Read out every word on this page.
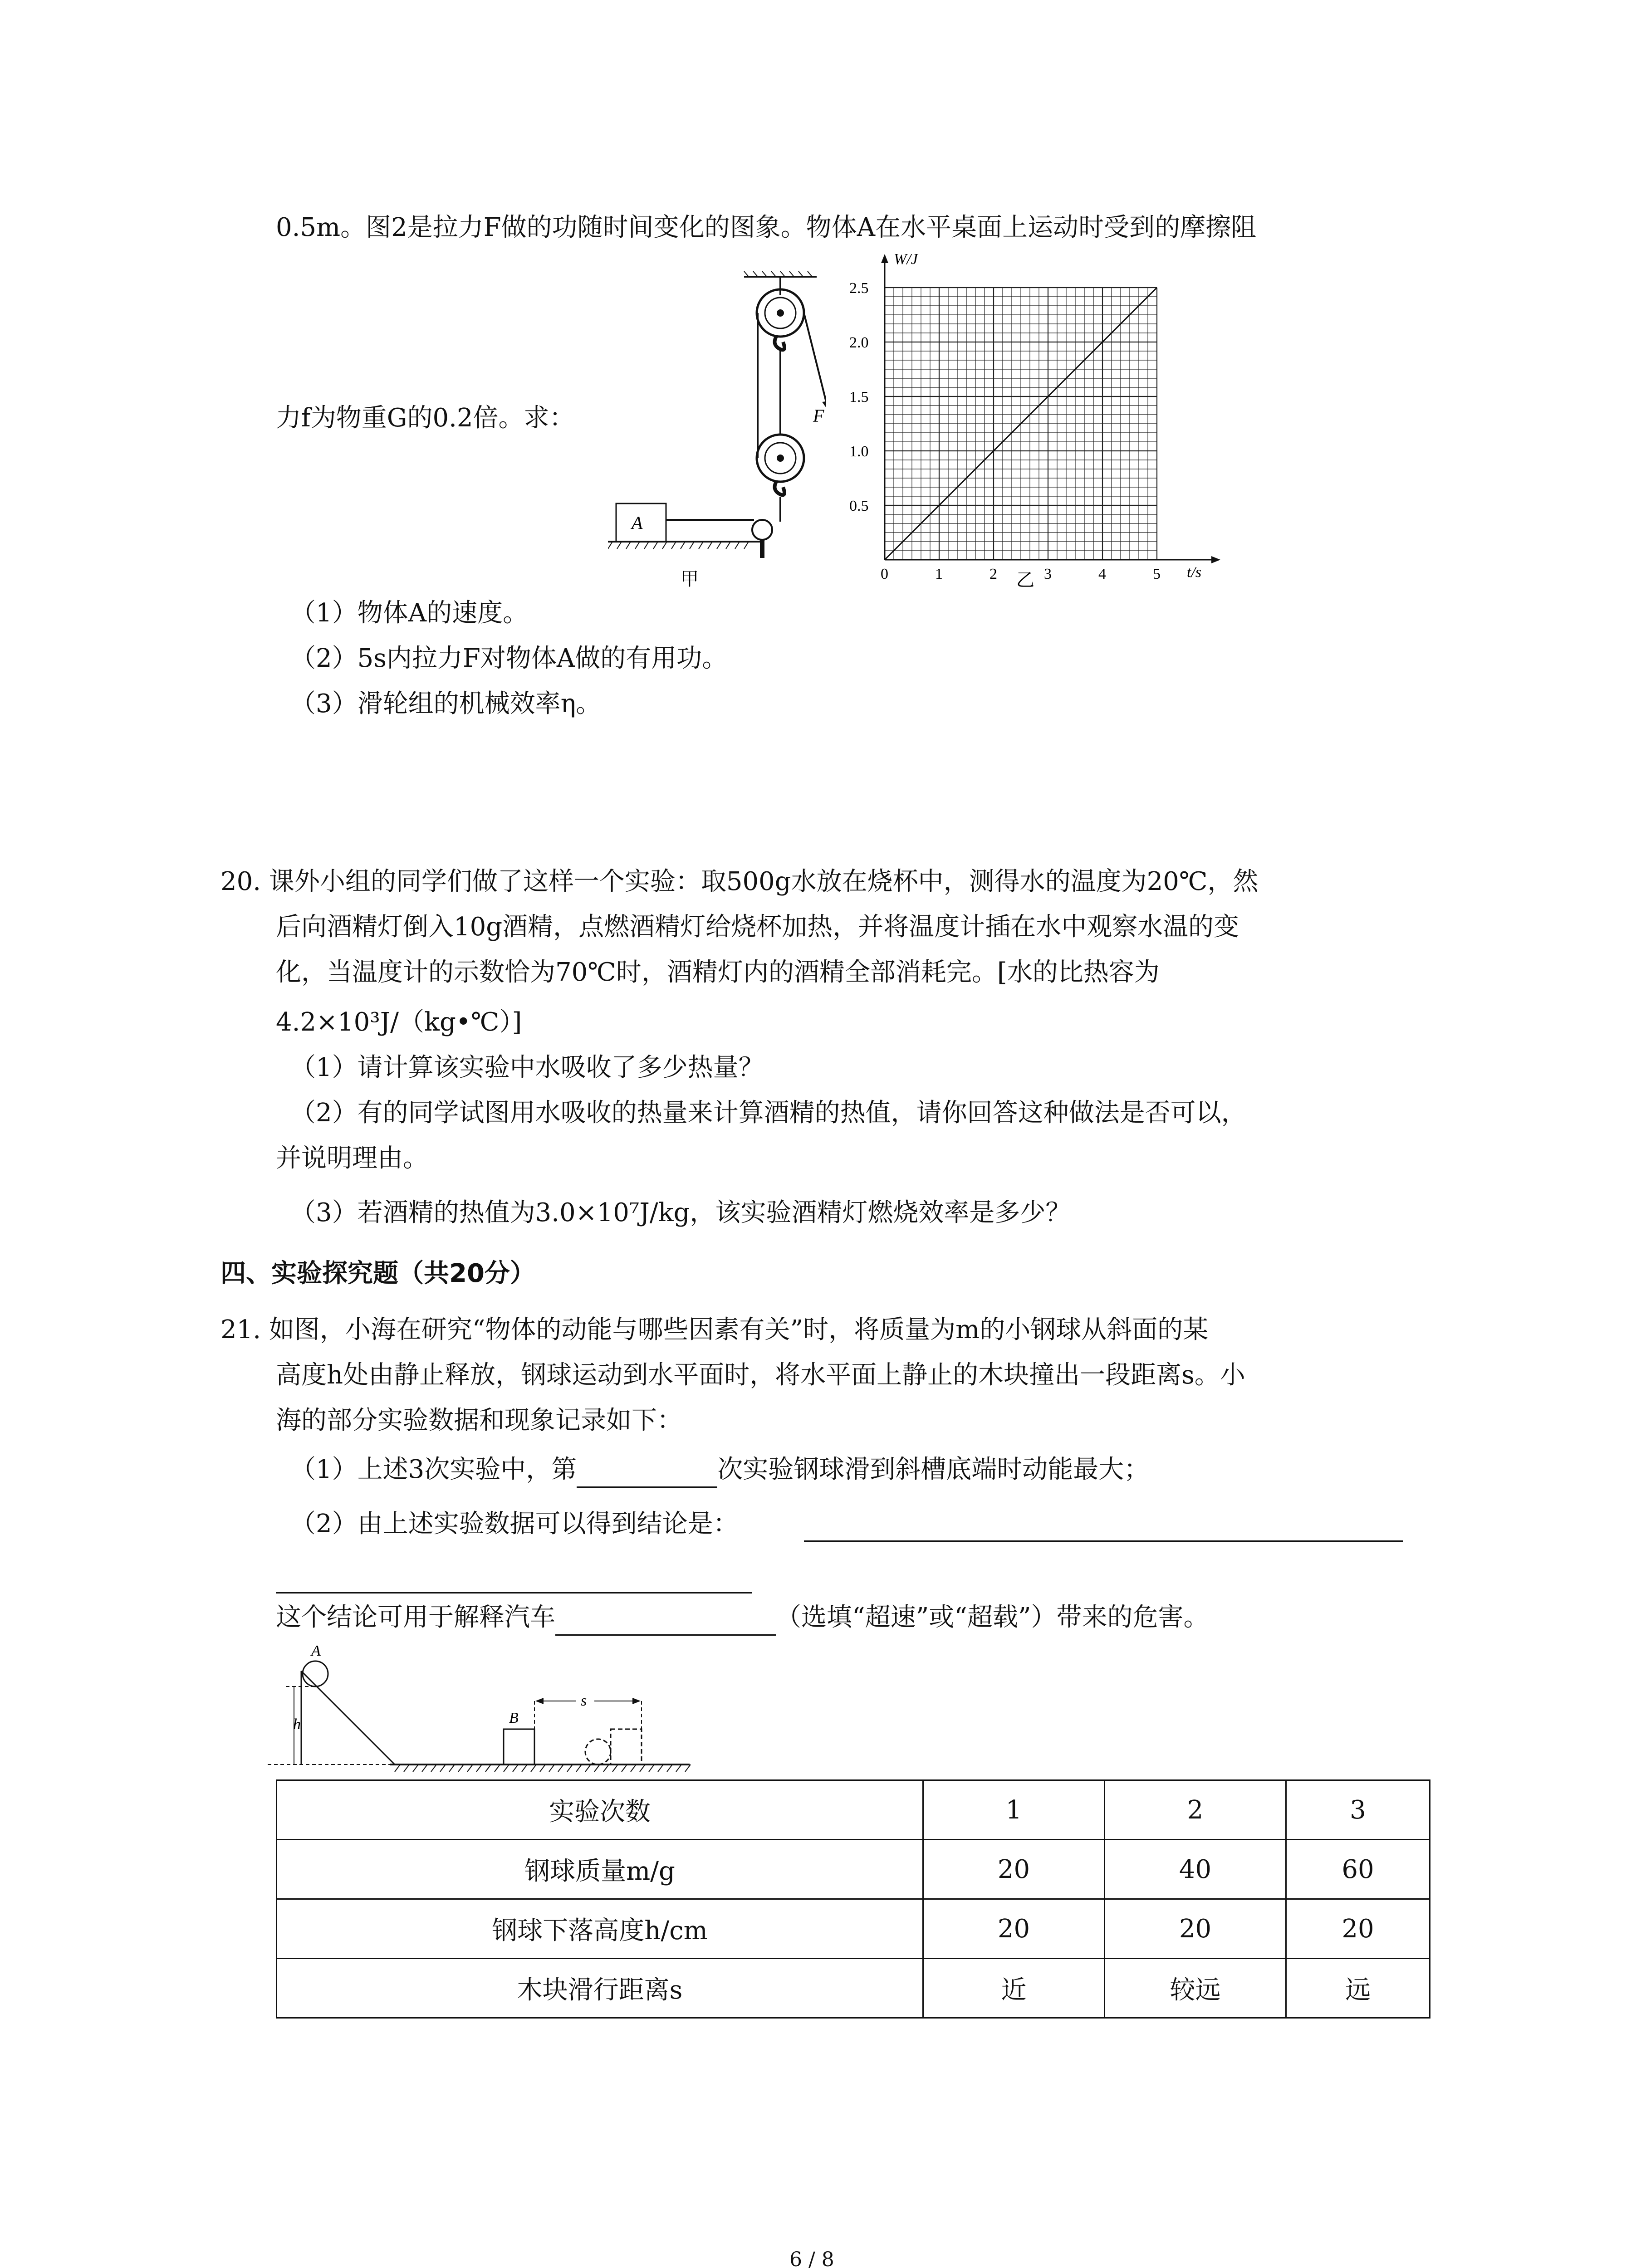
0.5m。图2是拉力F做的功随时间变化的图象。物体A在水平桌面上运动时受到的摩擦阻
力f为物重G的0.2倍。求：	F
A
甲	0	1	2	3	4	5
0.5
1.0
1.5
2.0
2.5
W/J
t/s
乙
（1）物体A的速度。
（2）5s内拉力F对物体A做的有用功。
（3）滑轮组的机械效率η。
20. 课外小组的同学们做了这样一个实验：取500g水放在烧杯中，测得水的温度为20℃，然
后向酒精灯倒入10g酒精，点燃酒精灯给烧杯加热，并将温度计插在水中观察水温的变
化，当温度计的示数恰为70℃时，酒精灯内的酒精全部消耗完。[水的比热容为
4.2×10³J/（kg•℃）]
（1）请计算该实验中水吸收了多少热量？
（2）有的同学试图用水吸收的热量来计算酒精的热值，请你回答这种做法是否可以，
并说明理由。
（3）若酒精的热值为3.0×10⁷J/kg，该实验酒精灯燃烧效率是多少？
四、实验探究题（共20分）
21. 如图，小海在研究“物体的动能与哪些因素有关”时，将质量为m的小钢球从斜面的某
高度h处由静止释放，钢球运动到水平面时，将水平面上静止的木块撞出一段距离s。小
海的部分实验数据和现象记录如下：
（1）上述3次实验中，第	次实验钢球滑到斜槽底端时动能最大；
（2）由上述实验数据可以得到结论是：
这个结论可用于解释汽车	（选填“超速”或“超载”）带来的危害。
A
h	B
s
实验次数	1	2	3
钢球质量m/g	20	40	60
钢球下落高度h/cm	20	20	20
木块滑行距离s	近	较远	远
6 / 8
